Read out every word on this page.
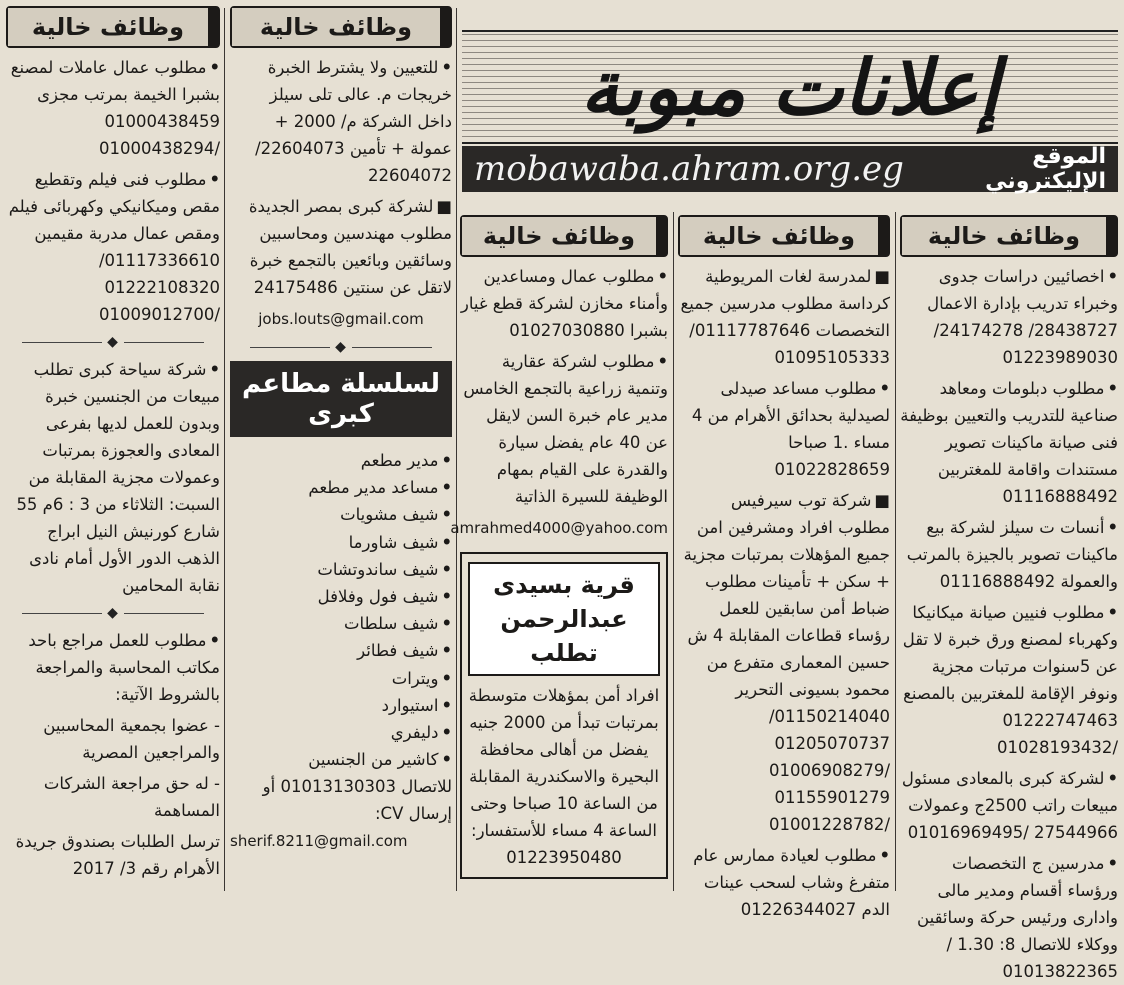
إعلانات مبوبة
الموقع الإليكتروني
mobawaba.ahram.org.eg
وظائف خالية

•مطلوب عمال عاملات لمصنع بشبرا الخيمة بمرتب مجزى 01000438459 /01000438294

•مطلوب فنى فيلم وتقطيع مقص وميكانيكي وكهربائى فيلم ومقص عمال مدربة مقيمين 01117336610/ 01222108320 /01009012700

◆

•شركة سياحة كبرى تطلب مبيعات من الجنسين خبرة وبدون للعمل لديها بفرعى المعادى والعجوزة بمرتبات وعمولات مجزية المقابلة من السبت: الثلاثاء من 3 : 6م 55 شارع كورنيش النيل ابراج الذهب الدور الأول أمام نادى نقابة المحامين

◆

•مطلوب للعمل مراجع باحد مكاتب المحاسبة والمراجعة بالشروط الآتية:

- عضوا بجمعية المحاسبين والمراجعين المصرية

- له حق مراجعة الشركات المساهمة

ترسل الطلبات بصندوق جريدة الأهرام رقم 3/ 2017

وظائف خالية

•للتعيين ولا يشترط الخبرة خريجات م. عالى تلى سيلز داخل الشركة م/ 2000 + عمولة + تأمين 22604073/ 22604072

■لشركة كبرى بمصر الجديدة مطلوب مهندسين ومحاسبين وسائقين وبائعين بالتجمع خبرة لاتقل عن سنتين 24175486

jobs.louts@gmail.com

◆
لسلسلة مطاعم كبرى
•مدير مطعم
•مساعد مدير مطعم
•شيف مشويات
•شيف شاورما
•شيف ساندوتشات
•شيف فول وفلافل
•شيف سلطات
•شيف فطائر
•ويترات
•استيوارد
•دليفري
•كاشير من الجنسين

للاتصال 01013130303 أو إرسال CV:

sherif.8211@gmail.com

وظائف خالية

•مطلوب عمال ومساعدين وأمناء مخازن لشركة قطع غيار بشبرا 01027030880

•مطلوب لشركة عقارية وتنمية زراعية بالتجمع الخامس مدير عام خبرة السن لايقل عن 40 عام يفضل سيارة والقدرة على القيام بمهام الوظيفة للسيرة الذاتية

amrahmed4000@yahoo.com

قرية بسيدى عبدالرحمن تطلب

افراد أمن بمؤهلات متوسطة بمرتبات تبدأ من 2000 جنيه يفضل من أهالى محافظة البحيرة والاسكندرية المقابلة من الساعة 10 صباحا وحتى الساعة 4 مساء للأستفسار: 01223950480

وظائف خالية

■لمدرسة لغات المريوطية كرداسة مطلوب مدرسين جميع التخصصات 01117787646/ 01095105333

•مطلوب مساعد صيدلى لصيدلية بحدائق الأهرام من 4 مساء .1 صباحا 01022828659

■شركة توب سيرفيس مطلوب افراد ومشرفين امن جميع المؤهلات بمرتبات مجزية + سكن + تأمينات مطلوب ضباط أمن سابقين للعمل رؤساء قطاعات المقابلة 4 ش حسين المعمارى متفرع من محمود بسيونى التحرير 01150214040/ 01205070737 /01006908279 01155901279 /01001228782

•مطلوب لعيادة ممارس عام متفرغ وشاب لسحب عينات الدم 01226344027

وظائف خالية

•اخصائيين دراسات جدوى وخبراء تدريب بإدارة الاعمال 28438727/ 24174278/ 01223989030

•مطلوب دبلومات ومعاهد صناعية للتدريب والتعيين بوظيفة فنى صيانة ماكينات تصوير مستندات واقامة للمغتربين 01116888492

•أنسات ت سيلز لشركة بيع ماكينات تصوير بالجيزة بالمرتب والعمولة 01116888492

•مطلوب فنيين صيانة ميكانيكا وكهرباء لمصنع ورق خبرة لا تقل عن 5سنوات مرتبات مجزية ونوفر الإقامة للمغتربين بالمصنع 01222747463 /01028193432

•لشركة كبرى بالمعادى مسئول مبيعات راتب 2500ج وعمولات 27544966 /01016969495

•مدرسين ج التخصصات ورؤساء أقسام ومدير مالى وادارى ورئيس حركة وسائقين ووكلاء للاتصال 8: 1.30 / 01013822365
